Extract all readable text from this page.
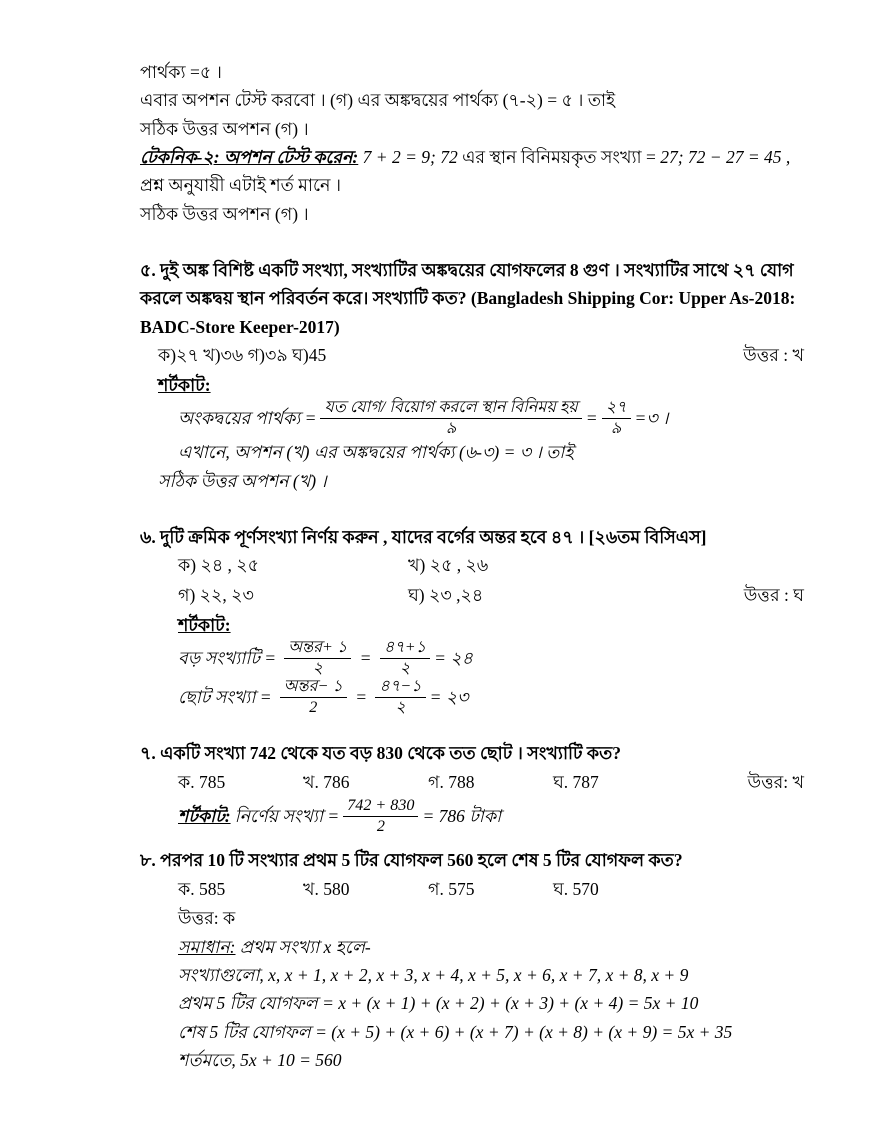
পার্থক্য =৫ ।
এবার অপশন টেস্ট করবো । (গ) এর অঙ্কদ্বয়ের পার্থক্য (৭-২) = ৫ । তাই
সঠিক উত্তর অপশন (গ) ।
টেকনিক-২: অপশন টেস্ট করেন: 7 + 2 = 9; 72 এর স্থান বিনিময়কৃত সংখ্যা = 27; 72 − 27 = 45 , প্রশ্ন অনুযায়ী এটাই শর্ত মানে ।
সঠিক উত্তর অপশন (গ) ।
৫. দুই অঙ্ক বিশিষ্ট একটি সংখ্যা, সংখ্যাটির অঙ্কদ্বয়ের যোগফলের 8 গুণ । সংখ্যাটির সাথে ২৭ যোগ করলে অঙ্কদ্বয় স্থান পরিবর্তন করে। সংখ্যাটি কত? (Bangladesh Shipping Cor: Upper As-2018: BADC-Store Keeper-2017)
ক)২৭ খ)৩৬ গ)৩৯ ঘ)45	উত্তর : খ
শর্টকাট:
অংকদ্বয়ের পার্থক্য = $\frac{\text{যত যোগ/ বিয়োগ করলে স্থান বিনিময় হয়}}{৯} = \frac{২৭}{৯}$ =৩ ।
এখানে, অপশন (খ) এর অঙ্কদ্বয়ের পার্থক্য (৬-৩) = ৩ । তাই
সঠিক উত্তর অপশন (খ) ।
৬. দুটি ক্রমিক পূর্ণসংখ্যা নির্ণয় করুন , যাদের বর্গের অন্তর হবে ৪৭ । [২৬তম বিসিএস]
ক) ২৪ , ২৫	খ) ২৫ , ২৬
গ) ২২, ২৩	ঘ) ২৩ ,২৪	উত্তর : ঘ
শর্টকাট:
বড় সংখ্যাটি = $\frac{\text{অন্তর+ ১}}{২} = \frac{৪৭+১}{২}$ = ২৪
ছোট সংখ্যা = $\frac{\text{অন্তর− ১}}{2} = \frac{৪৭-১}{২}$ = ২৩
৭. একটি সংখ্যা 742 থেকে যত বড় 830 থেকে তত ছোট । সংখ্যাটি কত?
ক. 785	খ. 786	গ. 788	ঘ. 787	উত্তর: খ
শর্টকাট: নির্ণেয় সংখ্যা = $\frac{742 + 830}{2} = 786$ টাকা
৮. পরপর 10 টি সংখ্যার প্রথম 5 টির যোগফল 560 হলে শেষ 5 টির যোগফল কত?
ক. 585	খ. 580	গ. 575	ঘ. 570
উত্তর: ক
সমাধান: প্রথম সংখ্যা x হলে-
সংখ্যাগুলো, x, x + 1, x + 2, x + 3, x + 4, x + 5, x + 6, x + 7, x + 8, x + 9
প্রথম 5 টির যোগফল = x + (x + 1) + (x + 2) + (x + 3) + (x + 4) = 5x + 10
শেষ 5 টির যোগফল = (x + 5) + (x + 6) + (x + 7) + (x + 8) + (x + 9) = 5x + 35
শর্তমতে, 5x + 10 = 560
